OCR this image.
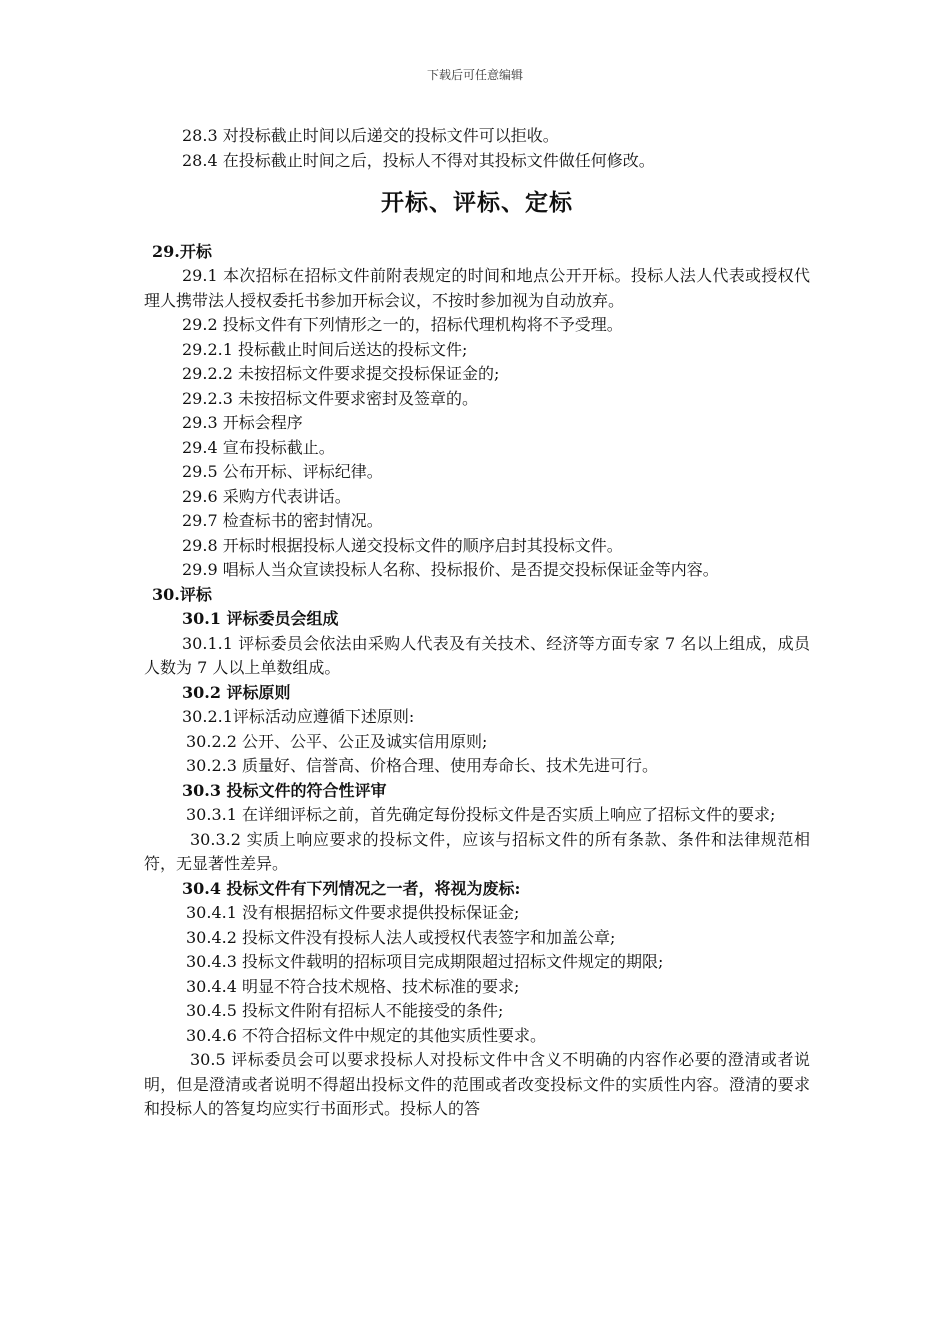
下载后可任意编辑

28.3 对投标截止时间以后递交的投标文件可以拒收。

28.4 在投标截止时间之后，投标人不得对其投标文件做任何修改。

开标、评标、定标

29.开标

29.1 本次招标在招标文件前附表规定的时间和地点公开开标。投标人法人代表或授权代理人携带法人授权委托书参加开标会议，不按时参加视为自动放弃。

29.2 投标文件有下列情形之一的，招标代理机构将不予受理。

29.2.1 投标截止时间后送达的投标文件;

29.2.2 未按招标文件要求提交投标保证金的;

29.2.3 未按招标文件要求密封及签章的。

29.3 开标会程序

29.4 宣布投标截止。

29.5 公布开标、评标纪律。

29.6 采购方代表讲话。

29.7 检查标书的密封情况。

29.8 开标时根据投标人递交投标文件的顺序启封其投标文件。

29.9 唱标人当众宣读投标人名称、投标报价、是否提交投标保证金等内容。

30.评标

30.1 评标委员会组成

30.1.1 评标委员会依法由采购人代表及有关技术、经济等方面专家 7 名以上组成，成员人数为 7 人以上单数组成。

30.2 评标原则

30.2.1评标活动应遵循下述原则:

30.2.2 公开、公平、公正及诚实信用原则;

30.2.3 质量好、信誉高、价格合理、使用寿命长、技术先进可行。

30.3 投标文件的符合性评审

30.3.1 在详细评标之前，首先确定每份投标文件是否实质上响应了招标文件的要求;

30.3.2 实质上响应要求的投标文件，应该与招标文件的所有条款、条件和法律规范相符，无显著性差异。

30.4 投标文件有下列情况之一者，将视为废标:

30.4.1 没有根据招标文件要求提供投标保证金;

30.4.2 投标文件没有投标人法人或授权代表签字和加盖公章;

30.4.3 投标文件载明的招标项目完成期限超过招标文件规定的期限;

30.4.4 明显不符合技术规格、技术标准的要求;

30.4.5 投标文件附有招标人不能接受的条件;

30.4.6 不符合招标文件中规定的其他实质性要求。

30.5 评标委员会可以要求投标人对投标文件中含义不明确的内容作必要的澄清或者说明，但是澄清或者说明不得超出投标文件的范围或者改变投标文件的实质性内容。澄清的要求和投标人的答复均应实行书面形式。投标人的答
